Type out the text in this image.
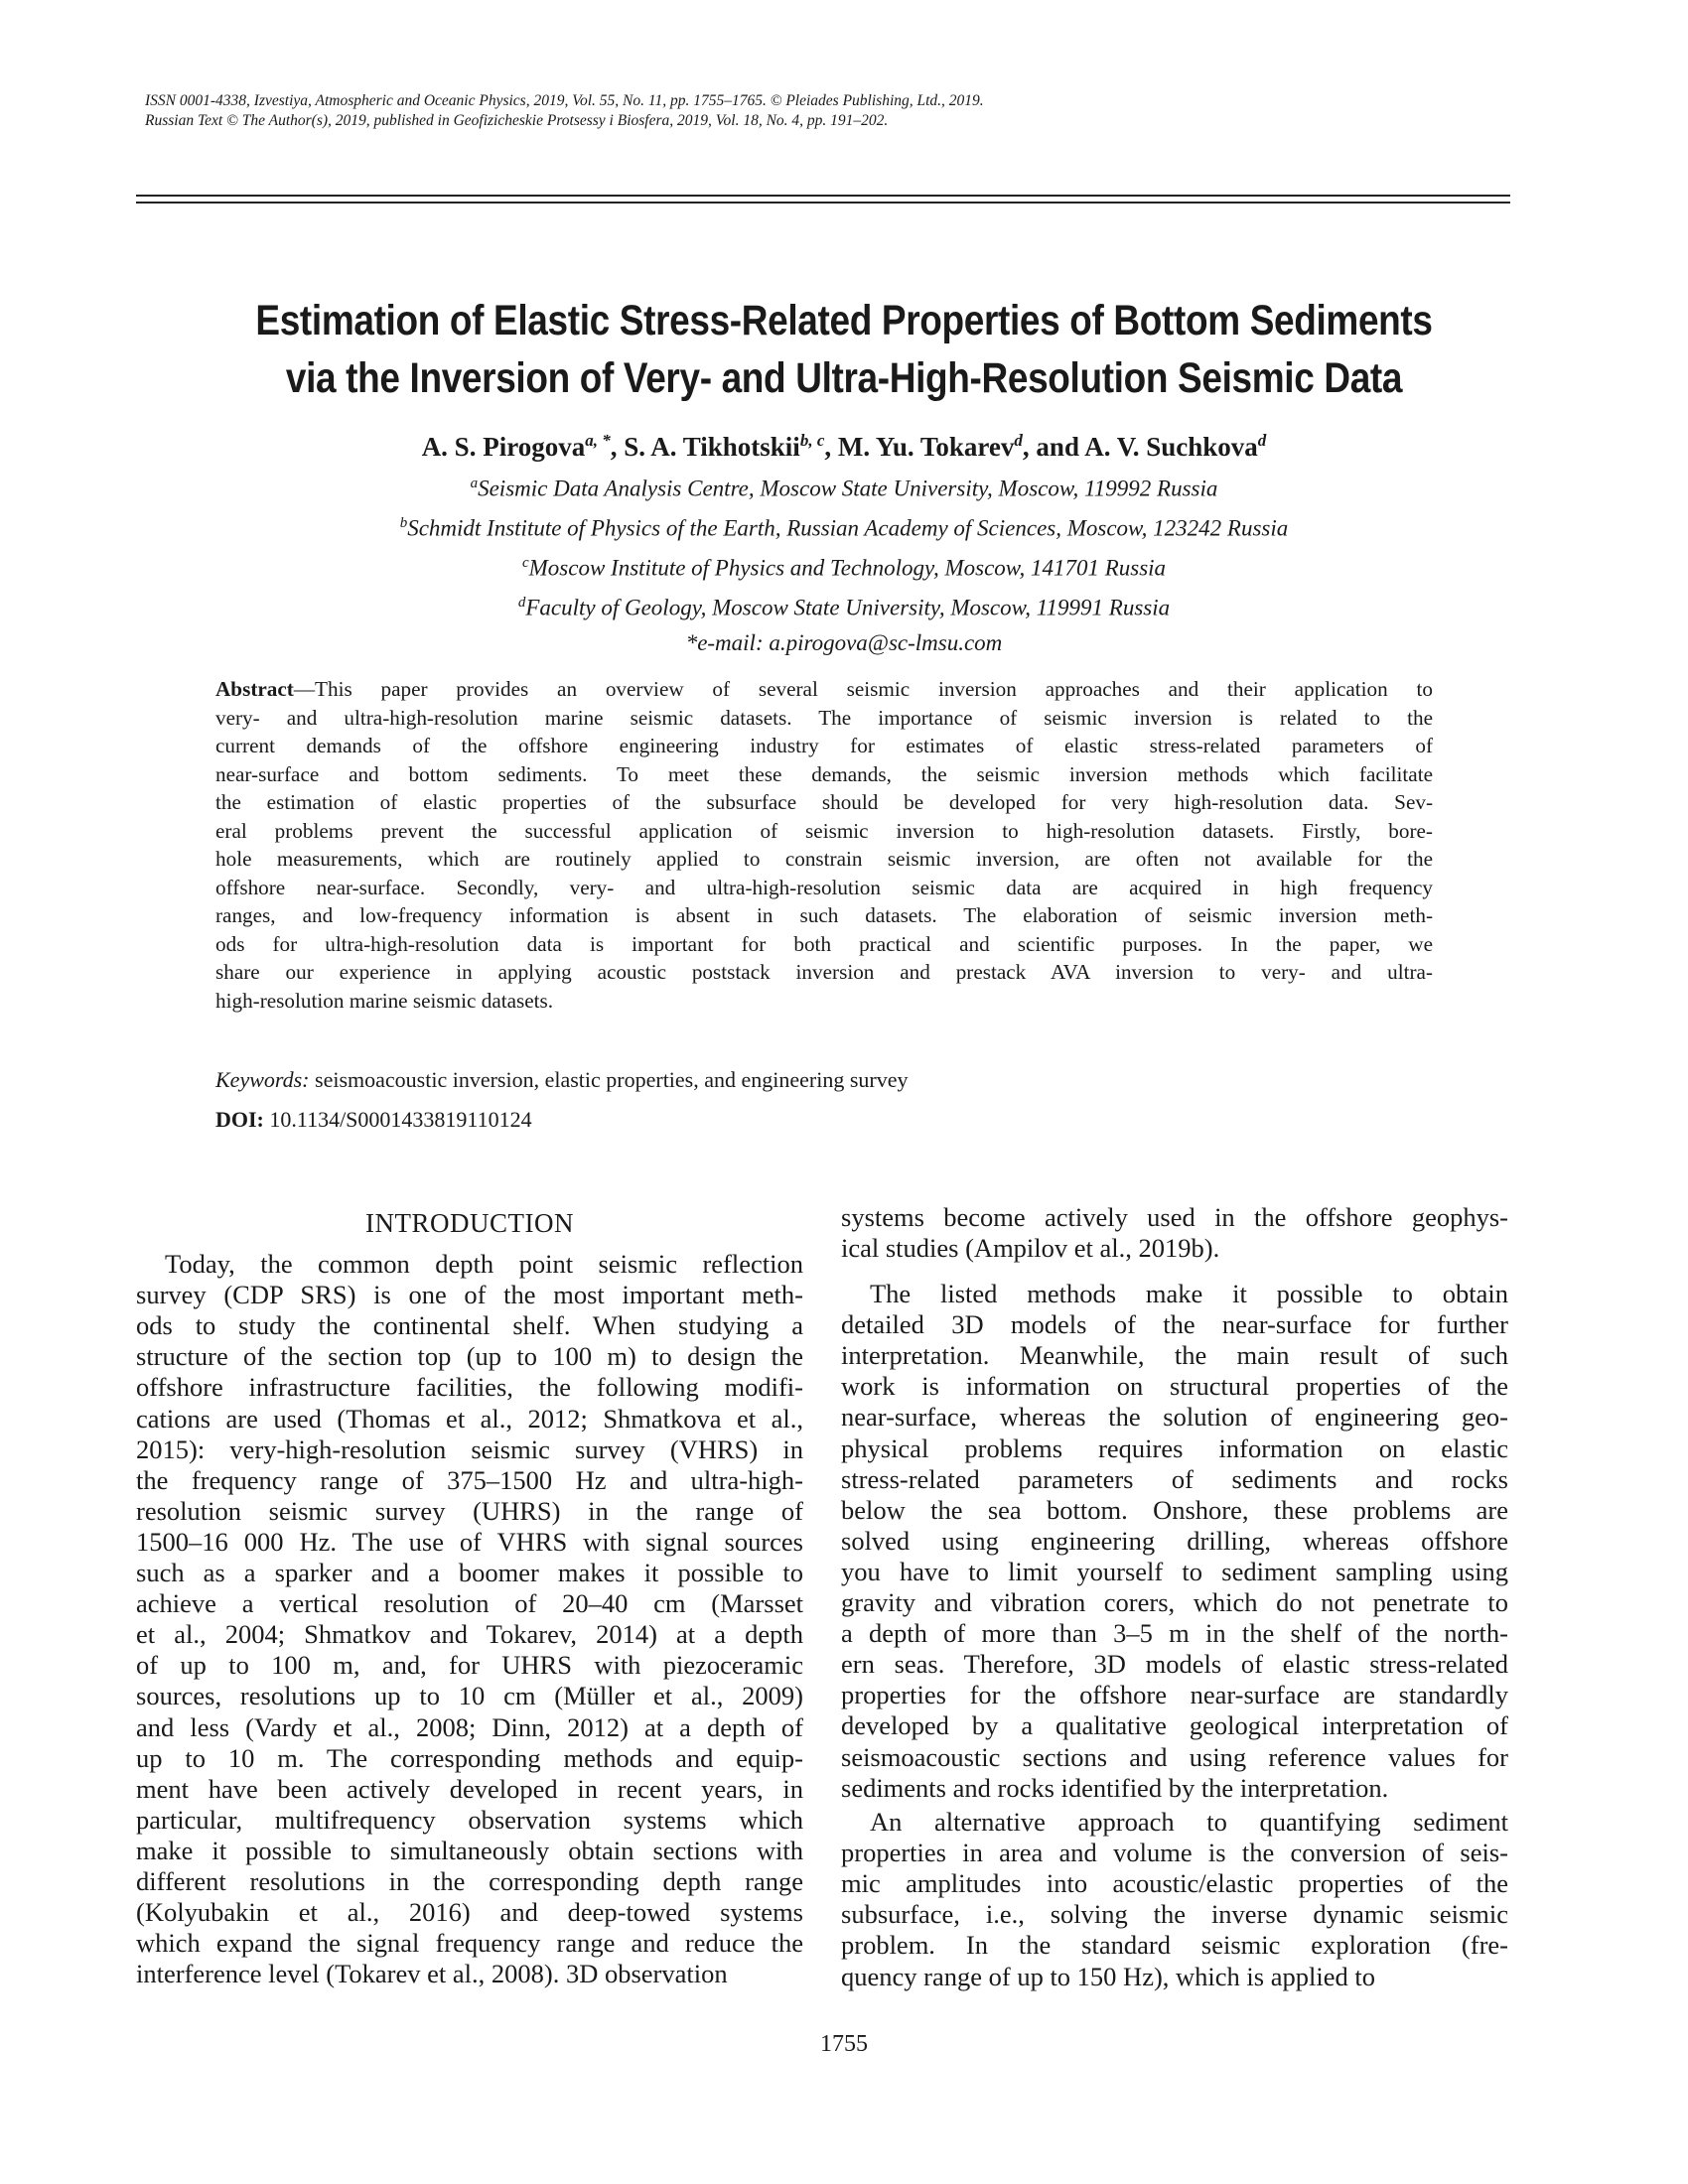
ISSN 0001-4338, Izvestiya, Atmospheric and Oceanic Physics, 2019, Vol. 55, No. 11, pp. 1755–1765. © Pleiades Publishing, Ltd., 2019.
Russian Text © The Author(s), 2019, published in Geofizicheskie Protsessy i Biosfera, 2019, Vol. 18, No. 4, pp. 191–202.
Estimation of Elastic Stress-Related Properties of Bottom Sediments
via the Inversion of Very- and Ultra-High-Resolution Seismic Data
A. S. Pirogova$^{a, *}$, S. A. Tikhotskii$^{b, c}$, M. Yu. Tokarev$^d$, and A. V. Suchkova$^d$
$^a$Seismic Data Analysis Centre, Moscow State University, Moscow, 119992 Russia
$^b$Schmidt Institute of Physics of the Earth, Russian Academy of Sciences, Moscow, 123242 Russia
$^c$Moscow Institute of Physics and Technology, Moscow, 141701 Russia
$^d$Faculty of Geology, Moscow State University, Moscow, 119991 Russia
*e-mail: a.pirogova@sc-lmsu.com
Abstract—This paper provides an overview of several seismic inversion approaches and their application to
very- and ultra-high-resolution marine seismic datasets. The importance of seismic inversion is related to the
current demands of the offshore engineering industry for estimates of elastic stress-related parameters of
near-surface and bottom sediments. To meet these demands, the seismic inversion methods which facilitate
the estimation of elastic properties of the subsurface should be developed for very high-resolution data. Sev-
eral problems prevent the successful application of seismic inversion to high-resolution datasets. Firstly, bore-
hole measurements, which are routinely applied to constrain seismic inversion, are often not available for the
offshore near-surface. Secondly, very- and ultra-high-resolution seismic data are acquired in high frequency
ranges, and low-frequency information is absent in such datasets. The elaboration of seismic inversion meth-
ods for ultra-high-resolution data is important for both practical and scientific purposes. In the paper, we
share our experience in applying acoustic poststack inversion and prestack AVA inversion to very- and ultra-
high-resolution marine seismic datasets.
Keywords: seismoacoustic inversion, elastic properties, and engineering survey
DOI: 10.1134/S0001433819110124
INTRODUCTION
Today, the common depth point seismic reflection
survey (CDP SRS) is one of the most important meth-
ods to study the continental shelf. When studying a
structure of the section top (up to 100 m) to design the
offshore infrastructure facilities, the following modifi-
cations are used (Thomas et al., 2012; Shmatkova et al.,
2015): very-high-resolution seismic survey (VHRS) in
the frequency range of 375–1500 Hz and ultra-high-
resolution seismic survey (UHRS) in the range of
1500–16 000 Hz. The use of VHRS with signal sources
such as a sparker and a boomer makes it possible to
achieve a vertical resolution of 20–40 cm (Marsset
et al., 2004; Shmatkov and Tokarev, 2014) at a depth
of up to 100 m, and, for UHRS with piezoceramic
sources, resolutions up to 10 cm (Müller et al., 2009)
and less (Vardy et al., 2008; Dinn, 2012) at a depth of
up to 10 m. The corresponding methods and equip-
ment have been actively developed in recent years, in
particular, multifrequency observation systems which
make it possible to simultaneously obtain sections with
different resolutions in the corresponding depth range
(Kolyubakin et al., 2016) and deep-towed systems
which expand the signal frequency range and reduce the
interference level (Tokarev et al., 2008). 3D observation
systems become actively used in the offshore geophys-
ical studies (Ampilov et al., 2019b).
The listed methods make it possible to obtain
detailed 3D models of the near-surface for further
interpretation. Meanwhile, the main result of such
work is information on structural properties of the
near-surface, whereas the solution of engineering geo-
physical problems requires information on elastic
stress-related parameters of sediments and rocks
below the sea bottom. Onshore, these problems are
solved using engineering drilling, whereas offshore
you have to limit yourself to sediment sampling using
gravity and vibration corers, which do not penetrate to
a depth of more than 3–5 m in the shelf of the north-
ern seas. Therefore, 3D models of elastic stress-related
properties for the offshore near-surface are standardly
developed by a qualitative geological interpretation of
seismoacoustic sections and using reference values for
sediments and rocks identified by the interpretation.
An alternative approach to quantifying sediment
properties in area and volume is the conversion of seis-
mic amplitudes into acoustic/elastic properties of the
subsurface, i.e., solving the inverse dynamic seismic
problem. In the standard seismic exploration (fre-
quency range of up to 150 Hz), which is applied to
1755
